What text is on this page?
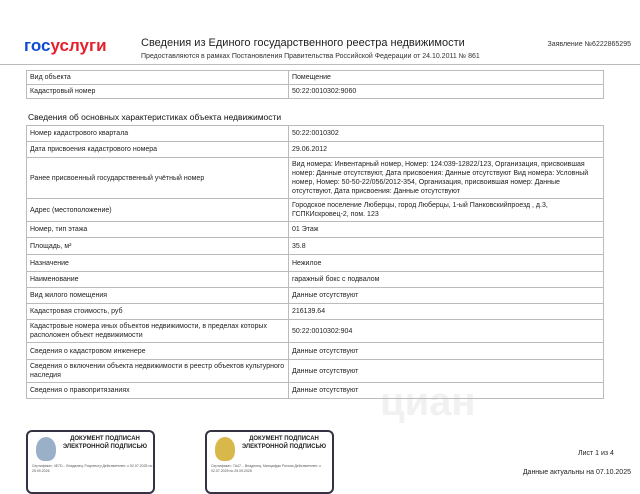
циан
госуслуги	Сведения из Единого государственного реестра недвижимости
Предоставляются в рамках Постановления Правительства Российской Федерации от 24.10.2011 № 861
Заявление №6222865295
Вид объекта	Помещение
Кадастровый номер	50:22:0010302:9060
Сведения об основных характеристиках объекта недвижимости
Номер кадастрового квартала	50:22:0010302
Дата присвоения кадастрового номера	29.06.2012
Ранее присвоенный государственный учётный номер	Вид номера: Инвентарный номер, Номер: 124:039-12822/123, Организация, присвоившая номер: Данные отсутствуют, Дата присвоения: Данные отсутствуют Вид номера: Условный номер, Номер: 50-50-22/056/2012-354, Организация, присвоившая номер: Данные отсутствуют, Дата присвоения: Данные отсутствуют
Адрес (местоположение)	Городское поселение Люберцы, город Люберцы, 1-ый Панковскийпроезд , д.3, ГСПКИскровец-2, пом. 123
Номер, тип этажа	01 Этаж
Площадь, м²	35.8
Назначение	Нежилое
Наименование	гаражный бокс с подвалом
Вид жилого помещения	Данные отсутствуют
Кадастровая стоимость, руб	216139.64
Кадастровые номера иных объектов недвижимости, в пределах которых расположен объект недвижимости	50:22:0010302:904
Сведения о кадастровом инженере	Данные отсутствуют
Сведения о включении объекта недвижимости в реестр объектов культурного наследия	Данные отсутствуют
Сведения о правопритязаниях	Данные отсутствуют
ДОКУМЕНТ ПОДПИСАН ЭЛЕКТРОННОЙ ПОДПИСЬЮ
Сертификат: 4E7D... Владелец: Росреестр Действителен: с 02.07.2025 по 25.09.2026
ДОКУМЕНТ ПОДПИСАН ЭЛЕКТРОННОЙ ПОДПИСЬЮ
Сертификат: 7A47... Владелец: Минцифры России Действителен: с 02.07.2025 по 25.09.2026
Лист 1 из 4
Данные актуальны на 07.10.2025
